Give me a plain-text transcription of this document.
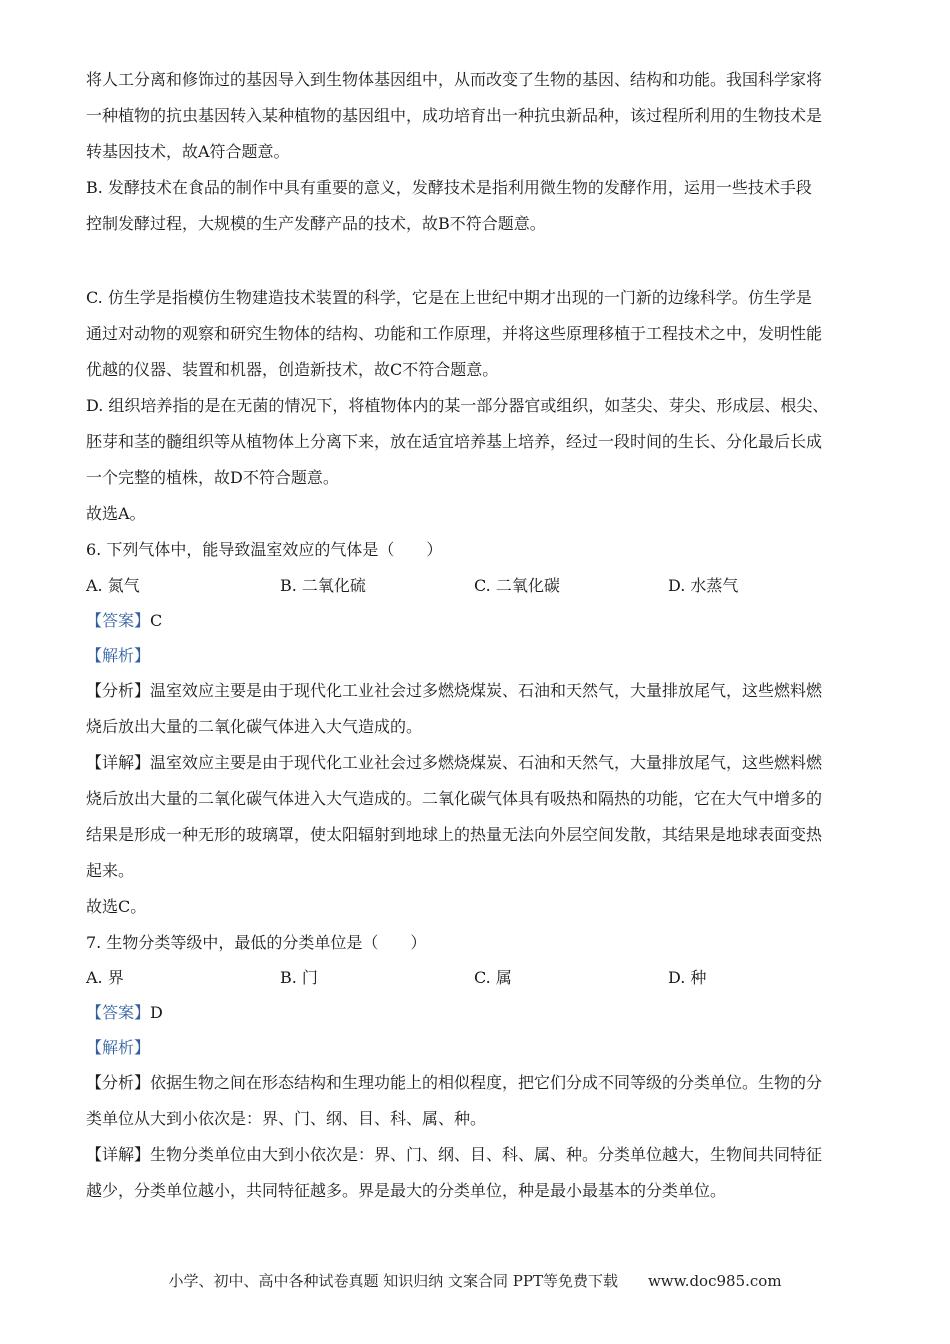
将人工分离和修饰过的基因导入到生物体基因组中，从而改变了生物的基因、结构和功能。我国科学家将

一种植物的抗虫基因转入某种植物的基因组中，成功培育出一种抗虫新品种，该过程所利用的生物技术是

转基因技术，故A符合题意。

B. 发酵技术在食品的制作中具有重要的意义，发酵技术是指利用微生物的发酵作用，运用一些技术手段

控制发酵过程，大规模的生产发酵产品的技术，故B不符合题意。

C. 仿生学是指模仿生物建造技术装置的科学，它是在上世纪中期才出现的一门新的边缘科学。仿生学是

通过对动物的观察和研究生物体的结构、功能和工作原理，并将这些原理移植于工程技术之中，发明性能

优越的仪器、装置和机器，创造新技术，故C不符合题意。

D. 组织培养指的是在无菌的情况下，将植物体内的某一部分器官或组织，如茎尖、芽尖、形成层、根尖、

胚芽和茎的髓组织等从植物体上分离下来，放在适宜培养基上培养，经过一段时间的生长、分化最后长成

一个完整的植株，故D不符合题意。

故选A。

6. 下列气体中，能导致温室效应的气体是（　　）

A. 氮气	B. 二氧化硫	C. 二氧化碳	D. 水蒸气

【答案】C

【解析】

【分析】温室效应主要是由于现代化工业社会过多燃烧煤炭、石油和天然气，大量排放尾气，这些燃料燃

烧后放出大量的二氧化碳气体进入大气造成的。

【详解】温室效应主要是由于现代化工业社会过多燃烧煤炭、石油和天然气，大量排放尾气，这些燃料燃

烧后放出大量的二氧化碳气体进入大气造成的。二氧化碳气体具有吸热和隔热的功能，它在大气中增多的

结果是形成一种无形的玻璃罩，使太阳辐射到地球上的热量无法向外层空间发散，其结果是地球表面变热

起来。

故选C。

7. 生物分类等级中，最低的分类单位是（　　）

A. 界	B. 门	C. 属	D. 种

【答案】D

【解析】

【分析】依据生物之间在形态结构和生理功能上的相似程度，把它们分成不同等级的分类单位。生物的分

类单位从大到小依次是：界、门、纲、目、科、属、种。

【详解】生物分类单位由大到小依次是：界、门、纲、目、科、属、种。分类单位越大，生物间共同特征

越少，分类单位越小，共同特征越多。界是最大的分类单位，种是最小最基本的分类单位。

小学、初中、高中各种试卷真题 知识归纳 文案合同 PPT等免费下载　　www.doc985.com
